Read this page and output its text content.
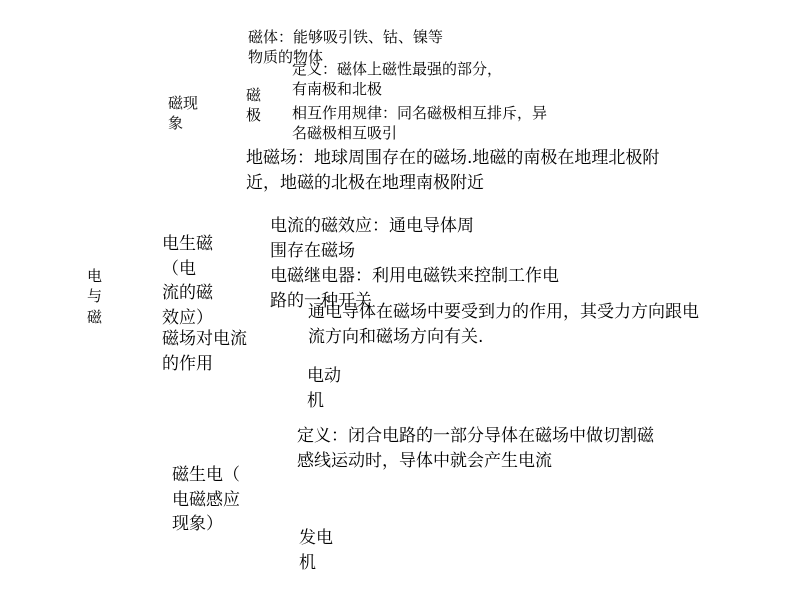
电
与
磁
磁现
象
磁体：能够吸引铁、钴、镍等
物质的物体
磁
极
定义：磁体上磁性最强的部分，
有南极和北极
相互作用规律：同名磁极相互排斥，异
名磁极相互吸引
地磁场：地球周围存在的磁场.地磁的南极在地理北极附
近，地磁的北极在地理南极附近
电生磁
（电
流的磁
效应）
电流的磁效应：通电导体周
围存在磁场
电磁继电器：利用电磁铁来控制工作电
路的一种开关
磁场对电流
的作用
通电导体在磁场中要受到力的作用，其受力方向跟电
流方向和磁场方向有关.
电动
机
磁生电（
电磁感应
现象）
定义：闭合电路的一部分导体在磁场中做切割磁
感线运动时，导体中就会产生电流
发电
机
